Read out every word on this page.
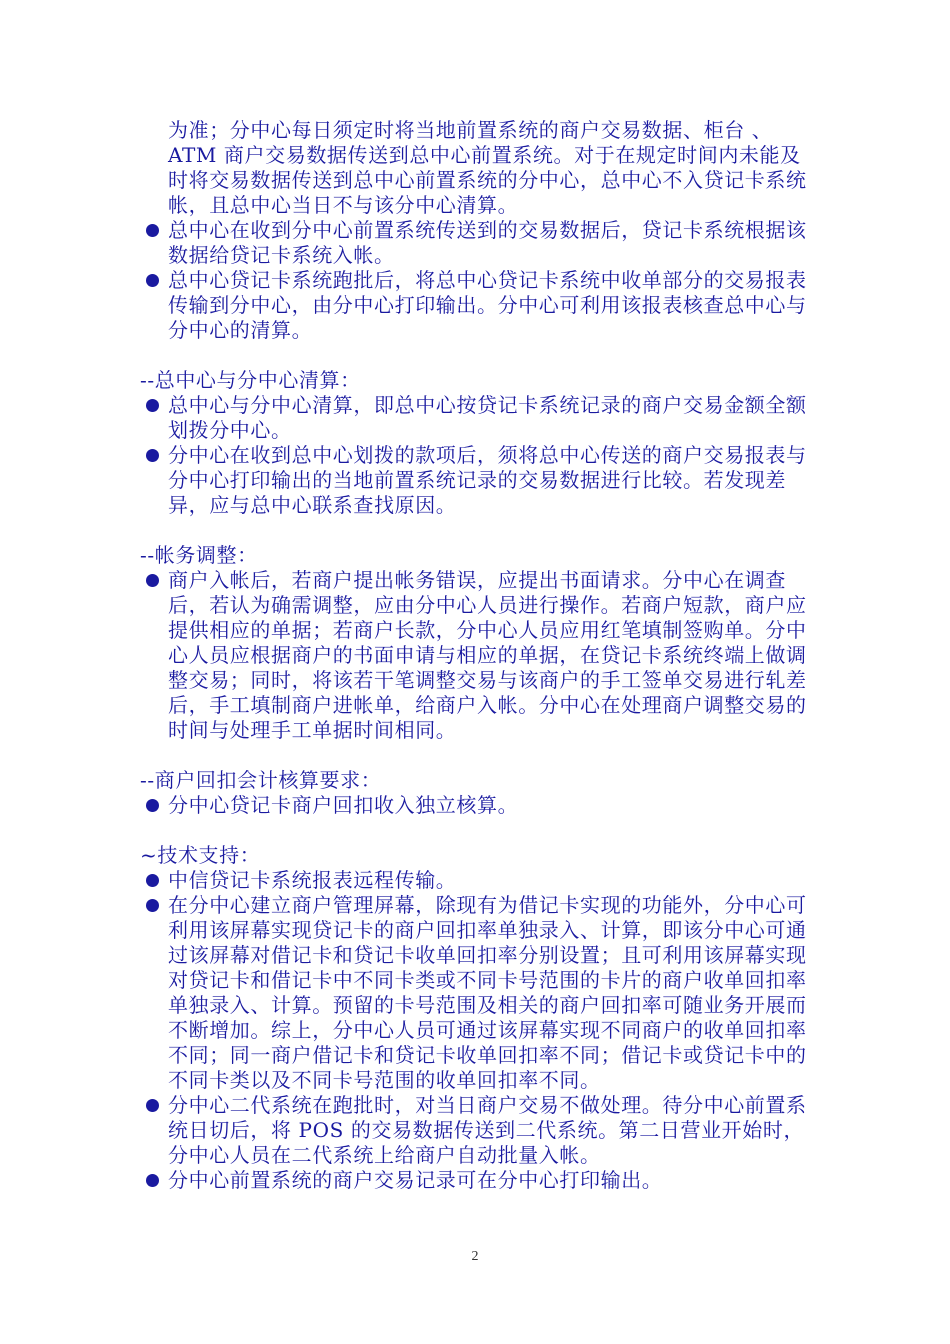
为准；分中心每日须定时将当地前置系统的商户交易数据、柜台 、ATM 商户交易数据传送到总中心前置系统。对于在规定时间内未能及时将交易数据传送到总中心前置系统的分中心，总中心不入贷记卡系统帐，且总中心当日不与该分中心清算。
总中心在收到分中心前置系统传送到的交易数据后，贷记卡系统根据该数据给贷记卡系统入帐。
总中心贷记卡系统跑批后，将总中心贷记卡系统中收单部分的交易报表传输到分中心，由分中心打印输出。分中心可利用该报表核查总中心与分中心的清算。
--总中心与分中心清算：
总中心与分中心清算，即总中心按贷记卡系统记录的商户交易金额全额划拨分中心。
分中心在收到总中心划拨的款项后，须将总中心传送的商户交易报表与分中心打印输出的当地前置系统记录的交易数据进行比较。若发现差异，应与总中心联系查找原因。
--帐务调整：
商户入帐后，若商户提出帐务错误，应提出书面请求。分中心在调查后，若认为确需调整，应由分中心人员进行操作。若商户短款，商户应提供相应的单据；若商户长款，分中心人员应用红笔填制签购单。分中心人员应根据商户的书面申请与相应的单据，在贷记卡系统终端上做调整交易；同时，将该若干笔调整交易与该商户的手工签单交易进行轧差后，手工填制商户进帐单，给商户入帐。分中心在处理商户调整交易的时间与处理手工单据时间相同。
--商户回扣会计核算要求：
分中心贷记卡商户回扣收入独立核算。
~技术支持：
中信贷记卡系统报表远程传输。
在分中心建立商户管理屏幕，除现有为借记卡实现的功能外，分中心可利用该屏幕实现贷记卡的商户回扣率单独录入、计算，即该分中心可通过该屏幕对借记卡和贷记卡收单回扣率分别设置；且可利用该屏幕实现对贷记卡和借记卡中不同卡类或不同卡号范围的卡片的商户收单回扣率单独录入、计算。预留的卡号范围及相关的商户回扣率可随业务开展而不断增加。综上，分中心人员可通过该屏幕实现不同商户的收单回扣率不同；同一商户借记卡和贷记卡收单回扣率不同；借记卡或贷记卡中的不同卡类以及不同卡号范围的收单回扣率不同。
分中心二代系统在跑批时，对当日商户交易不做处理。待分中心前置系统日切后，将 POS 的交易数据传送到二代系统。第二日营业开始时，分中心人员在二代系统上给商户自动批量入帐。
分中心前置系统的商户交易记录可在分中心打印输出。
2
